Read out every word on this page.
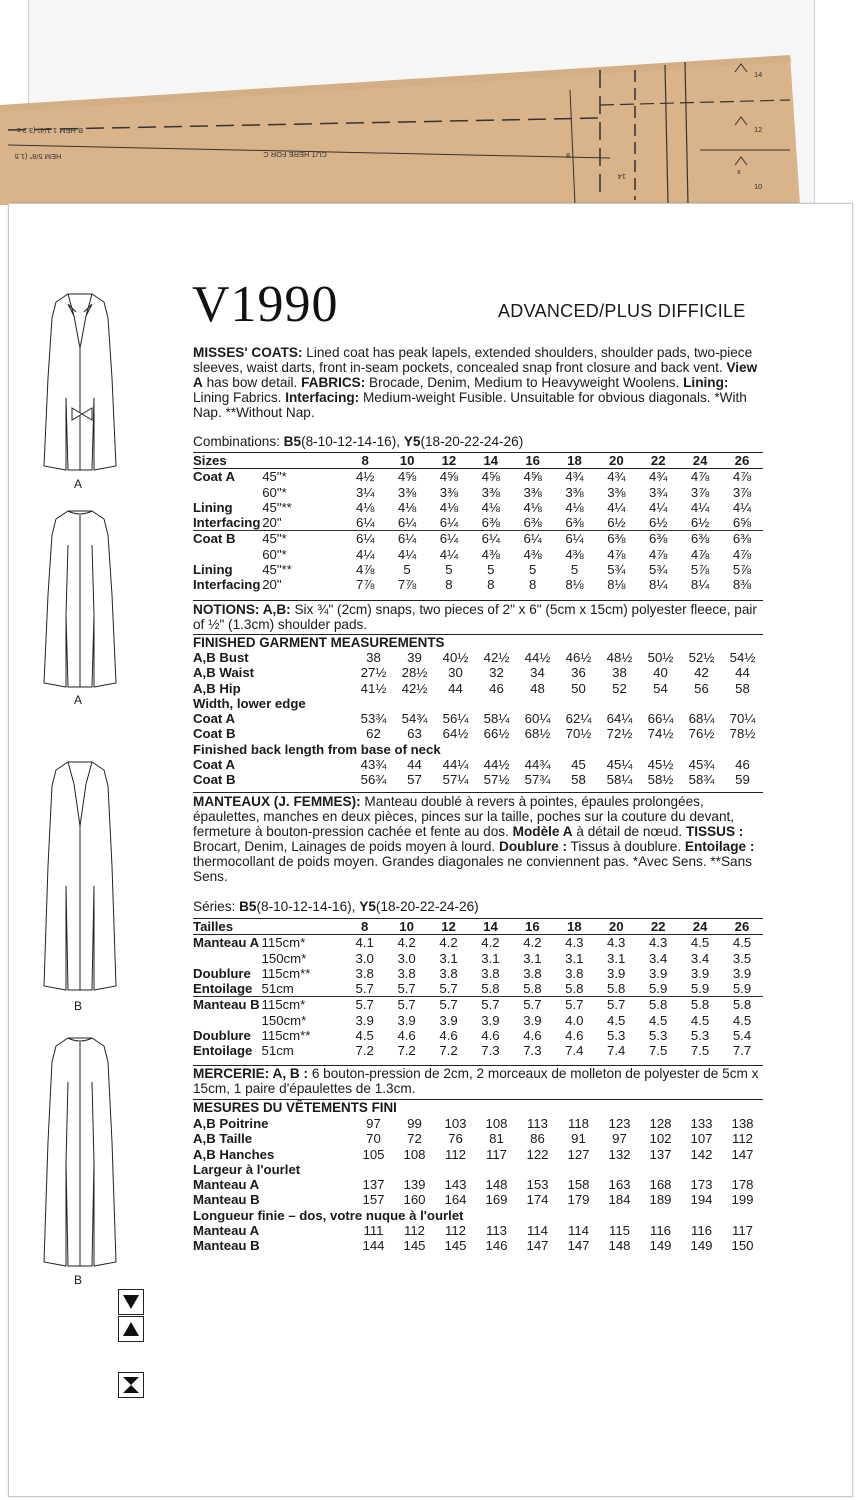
HEM 5/8" (1.5
B HEM 1 1/4" (3.2 c
CUT HERE FOR C	8
14
14
12
10
x
A
A
B
B
V1990	ADVANCED/PLUS DIFFICILE
MISSES' COATS: Lined coat has peak lapels, extended shoulders, shoulder pads, two-piece sleeves, waist darts, front in-seam pockets, concealed snap front closure and back vent. View A has bow detail. FABRICS: Brocade, Denim, Medium to Heavyweight Woolens. Lining: Lining Fabrics. Interfacing: Medium-weight Fusible. Unsuitable for obvious diagonals. *With Nap. **Without Nap.
Combinations: B5(8-10-12-14-16), Y5(18-20-22-24-26)
Sizes		8	10	12	14	16	18	20	22	24	26
Coat A	45"*	4½	4⅝	4⅝	4⅝	4⅝	4¾	4¾	4¾	4⅞	4⅞
	60"*	3¼	3⅜	3⅜	3⅜	3⅜	3⅜	3⅜	3¾	3⅞	3⅞
Lining	45"**	4⅛	4⅛	4⅛	4⅛	4⅛	4⅛	4¼	4¼	4¼	4¼
Interfacing	20"	6¼	6¼	6¼	6⅜	6⅜	6⅜	6½	6½	6½	6⅝
Coat B	45"*	6¼	6¼	6¼	6¼	6¼	6¼	6⅜	6⅜	6⅜	6⅜
	60"*	4¼	4¼	4¼	4⅜	4⅜	4⅜	4⅞	4⅞	4⅞	4⅞
Lining	45"**	4⅞	5	5	5	5	5	5¾	5¾	5⅞	5⅞
Interfacing	20"	7⅞	7⅞	8	8	8	8⅛	8⅛	8¼	8¼	8⅜
NOTIONS: A,B: Six ¾" (2cm) snaps, two pieces of 2" x 6" (5cm x 15cm) polyester fleece, pair of ½" (1.3cm) shoulder pads.
FINISHED GARMENT MEASUREMENTS
A,B Bust	38	39	40½	42½	44½	46½	48½	50½	52½	54½
A,B Waist	27½	28½	30	32	34	36	38	40	42	44
A,B Hip	41½	42½	44	46	48	50	52	54	56	58
Width, lower edge										
Coat A	53¾	54¾	56¼	58¼	60¼	62¼	64¼	66¼	68¼	70¼
Coat B	62	63	64½	66½	68½	70½	72½	74½	76½	78½
Finished back length from base of neck										
Coat A	43¾	44	44¼	44½	44¾	45	45¼	45½	45¾	46
Coat B	56¾	57	57¼	57½	57¾	58	58¼	58½	58¾	59
MANTEAUX (J. FEMMES): Manteau doublé à revers à pointes, épaules prolongées, épaulettes, manches en deux pièces, pinces sur la taille, poches sur la couture du devant, fermeture à bouton-pression cachée et fente au dos. Modèle A à détail de nœud. TISSUS : Brocart, Denim, Lainages de poids moyen à lourd. Doublure : Tissus à doublure. Entoilage : thermocollant de poids moyen. Grandes diagonales ne conviennent pas. *Avec Sens. **Sans Sens.
Séries: B5(8-10-12-14-16), Y5(18-20-22-24-26)
Tailles		8	10	12	14	16	18	20	22	24	26
Manteau A	115cm*	4.1	4.2	4.2	4.2	4.2	4.3	4.3	4.3	4.5	4.5
	150cm*	3.0	3.0	3.1	3.1	3.1	3.1	3.1	3.4	3.4	3.5
Doublure	115cm**	3.8	3.8	3.8	3.8	3.8	3.8	3.9	3.9	3.9	3.9
Entoilage	51cm	5.7	5.7	5.7	5.8	5.8	5.8	5.8	5.9	5.9	5.9
Manteau B	115cm*	5.7	5.7	5.7	5.7	5.7	5.7	5.7	5.8	5.8	5.8
	150cm*	3.9	3.9	3.9	3.9	3.9	4.0	4.5	4.5	4.5	4.5
Doublure	115cm**	4.5	4.6	4.6	4.6	4.6	4.6	5.3	5.3	5.3	5.4
Entoilage	51cm	7.2	7.2	7.2	7.3	7.3	7.4	7.4	7.5	7.5	7.7
MERCERIE: A, B : 6 bouton-pression de 2cm, 2 morceaux de molleton de polyester de 5cm x 15cm, 1 paire d'épaulettes de 1.3cm.
MESURES DU VÊTEMENTS FINI
A,B Poitrine	97	99	103	108	113	118	123	128	133	138
A,B Taille	70	72	76	81	86	91	97	102	107	112
A,B Hanches	105	108	112	117	122	127	132	137	142	147
Largeur à l'ourlet										
Manteau A	137	139	143	148	153	158	163	168	173	178
Manteau B	157	160	164	169	174	179	184	189	194	199
Longueur finie – dos, votre nuque à l'ourlet										
Manteau A	111	112	112	113	114	114	115	116	116	117
Manteau B	144	145	145	146	147	147	148	149	149	150
